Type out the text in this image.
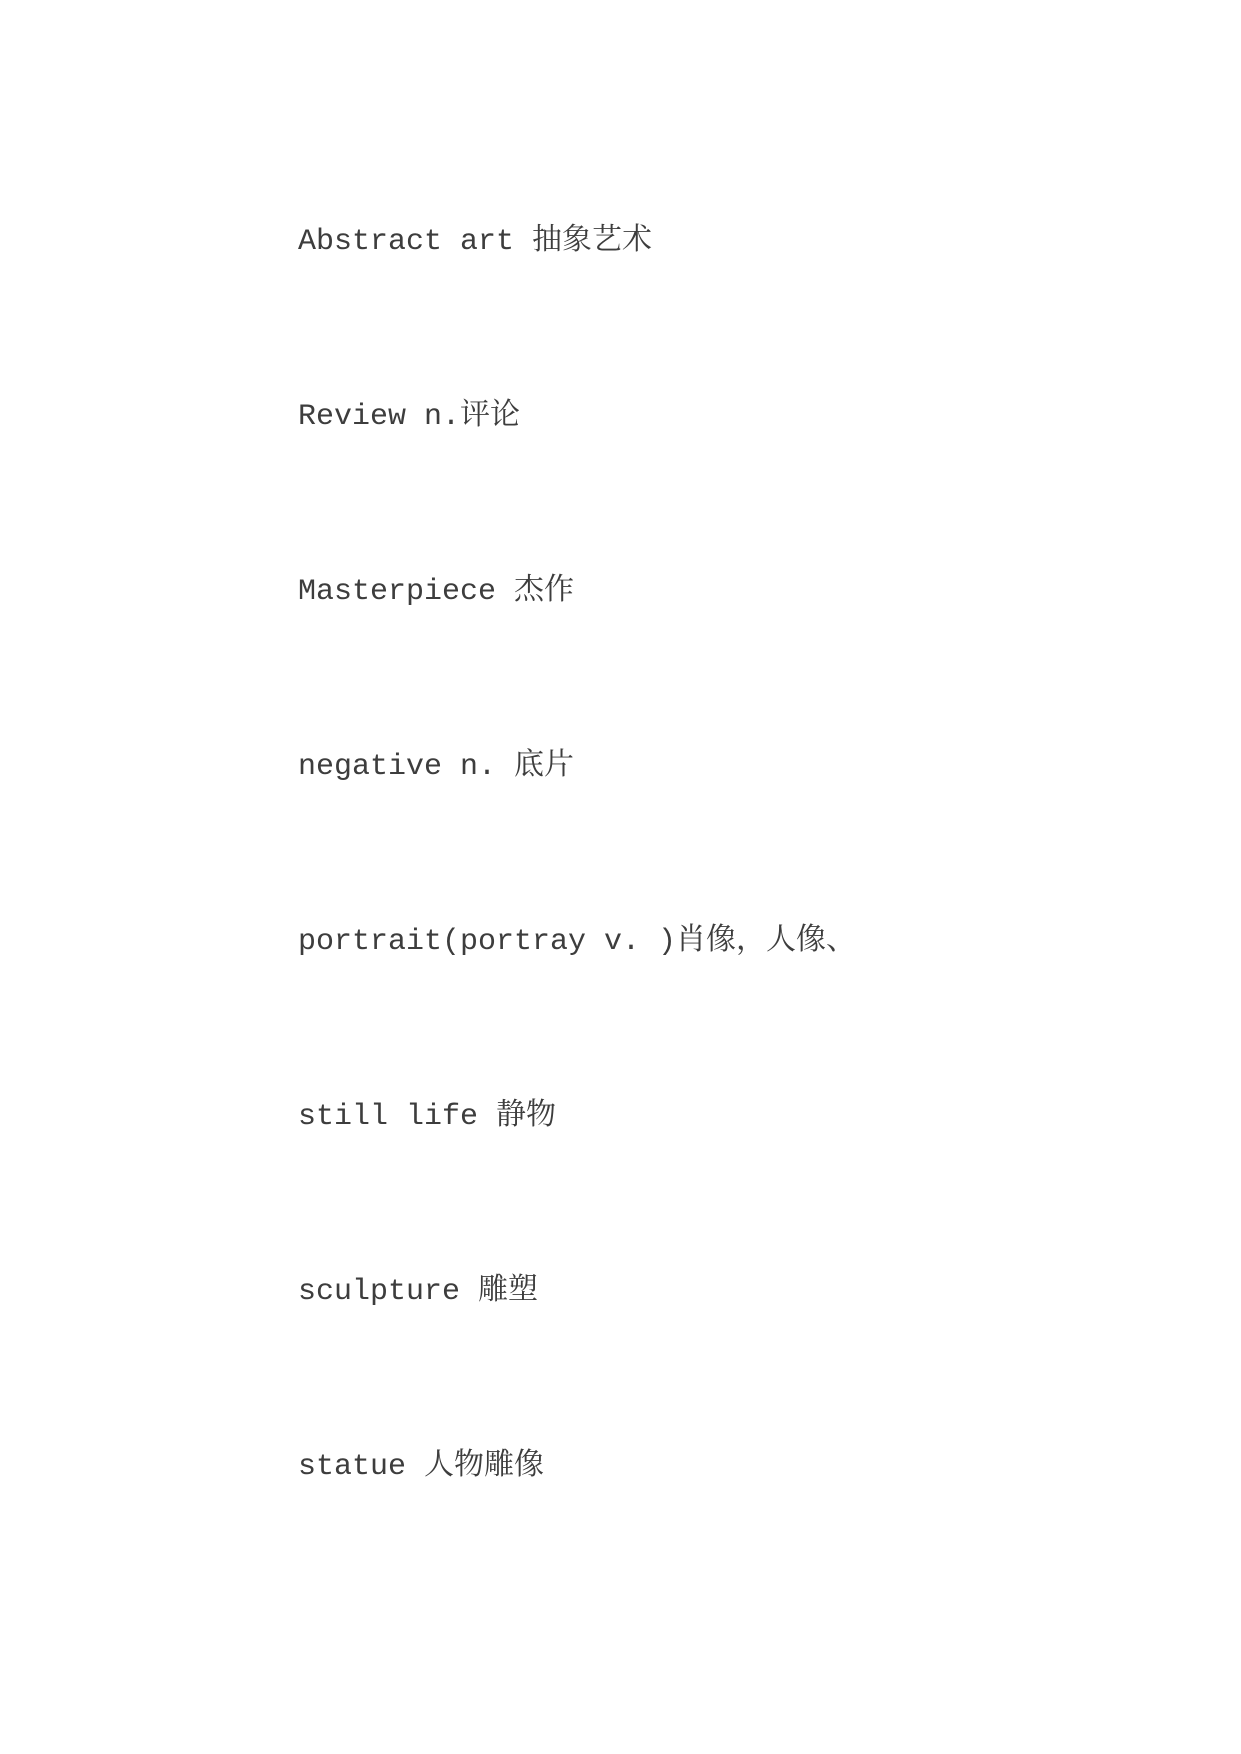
Abstract art 抽象艺术
Review n.评论
Masterpiece 杰作
negative n. 底片
portrait(portray v. )肖像，人像、
still life 静物
sculpture 雕塑
statue 人物雕像
